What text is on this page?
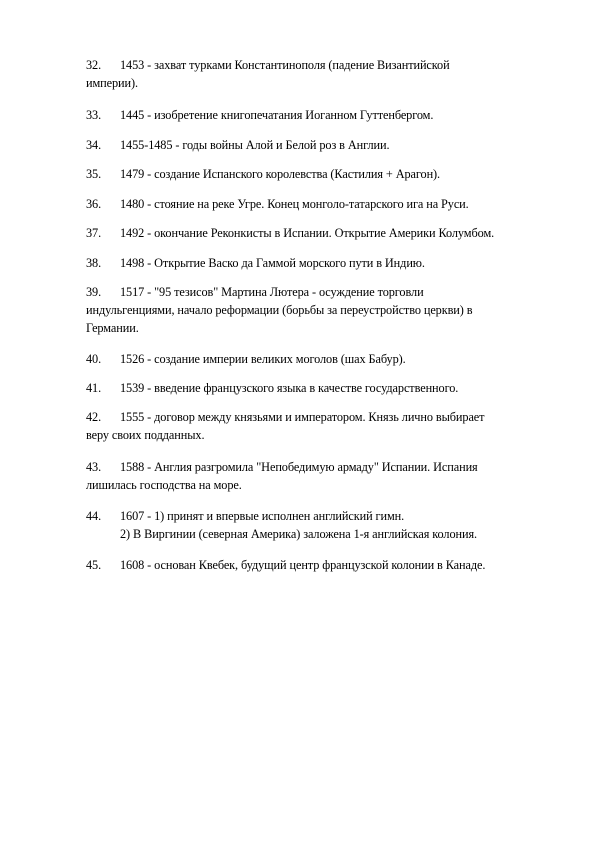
32.	1453 - захват турками Константинополя (падение Византийской
империи).
33.	1445 - изобретение книгопечатания Иоганном Гуттенбергом.
34.	1455-1485 - годы войны Алой и Белой роз в Англии.
35.	1479 - создание Испанского королевства (Кастилия + Арагон).
36.	1480 - стояние на реке Угре. Конец монголо-татарского ига на Руси.
37.	1492 - окончание Реконкисты в Испании. Открытие Америки Колумбом.
38.	1498 - Открытие Васко да Гаммой морского пути в Индию.
39.	1517 - "95 тезисов" Мартина Лютера - осуждение торговли
индульгенциями, начало реформации (борьбы за переустройство церкви) в
Германии.
40.	1526 - создание империи великих моголов (шах Бабур).
41.	1539 - введение французского языка в качестве государственного.
42.	1555 - договор между князьями и императором. Князь лично выбирает
веру своих подданных.
43.	1588 - Англия разгромила "Непобедимую армаду" Испании. Испания
лишилась господства на море.
44.	1607 - 1) принят и впервые исполнен английский гимн.
2) В Виргинии (северная Америка) заложена 1-я английская колония.
45.	1608 - основан Квебек, будущий центр французской колонии в Канаде.
